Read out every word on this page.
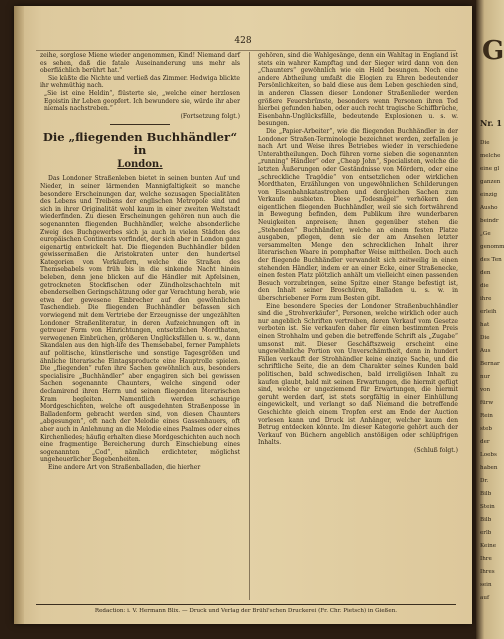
428

zeihe, sorglose Miene wieder angenommen, Kind! Niemand darf es sehen, daß die fatale Auseinanderung uns mehr als oberflächlich berührt hat."

Sie küßte die Nichte und verließ das Zimmer. Hedwiga blickte ihr wehmüthig nach.

„Sie ist eine Heldin“, flüsterte sie, „welche einer herzlosen Egoistin ihr Leben geopfert. Ich bewundere sie, würde ihr aber niemals nachstreben.“

(Fortsetzung folgt.)

Die „fliegenden Buchhändler“ in
London.

Das Londoner Straßenleben bietet in seinen bunten Auf und Nieder, in seiner lärmenden Mannigfaltigkeit so manche besondere Erscheinungen dar, welche sozusagen Specialitäten des Lebens und Treibens der englischen Metropole sind und sich in ihrer Originalität wohl kaum in einer zweiten Weltstadt wiederfinden. Zu diesen Erscheinungen gehören nun auch die sogenannten fliegenden Buchhändler, welche absonderliche Zweig des Buchgewerbes sich ja auch in vielen Städten des europäischen Continents vorfindet, der sich aber in London ganz eigenartig entwickelt hat. Die fliegenden Buchhändler bilden gewissermaßen die Aristokraten unter den hundertsel Kategorien von Verkäufern, welche die Straßen des Themsebabels vom früh bis in die sinkende Nacht hinein beleben, denn jene blicken auf die Händler mit Apfelsinen, getrockneten Stockfischen oder Zündholzschachteln mit ebenderselben Geringschätzung oder gar Verachtung herab, wie etwa der gewesene Einbrecher auf den gewöhnlichen Taschendieb. Die fliegenden Buchhändler befassen sich vorwiegend mit dem Vertriebe der Erzeugnisse der ungezählten Londoner Straßenliteratur, in deren Aufzeichnungen oft in getreuer Form von Hinrichtungen, entsetzlichen Mordthaten, verwegenen Einbrüchen, größeren Unglücksfällen u. s. w., dann Skandalen aus den high-life des Themsebabel, ferner Pamphlets auf politische, künstlerische und sonstige Tagesgrößen und ähnliche literarische Eintagsproducte eine Hauptrolle spielen. Die „fliegenden“ rufen ihre Sachen gewöhnlich aus, besonders specialisire „Buchhändler“ aber engagiren sich bei gewissen Sachen sogenannte Chaunters, welche singend oder declamirend ihren Herrn und seinen fliegenden literarischen Kram begleiten. Namentlich werden schaurige Mordgeschichten, welche oft ausgedehnten Straßenposse in Balladenform gebracht werden sind, von diesen Chaunters „abgesungen“, oft nach der Melodie eines Gassenhauers, oft aber auch in Anlehnung an die Melodie eines Psalmes oder eines Kirchenliedes; häufig erhalten diese Mordgeschichten auch noch eine fragmentige Bereicherung durch Einschiebung eines sogenannten „Cod“, nämlich erdichteter, möglichst ungeheuerlicher Begebenheiten.

Eine andere Art von Straßenballaden, die hierher

gehören, sind die Wahlgesänge, denn ein Wahltag in England ist stets ein wahrer Kampftag und der Sieger wird dann von den „Chaunters“ gewöhnlich wie ein Held besungen. Noch eine andere Abtheilung umfaßt die Elogien zu Ehren bedeutender Persönlichkeiten, so bald diese aus dem Leben geschieden sind, in anderen Classen dieser Londoner Straßenlieder werden größere Feuersbrünste, besonders wenn Personen ihren Tod hierbei gefunden haben, oder auch recht tragische Schiffbrüche, Eisenbahn-Unglücksfälle, bedeutende Explosionen u. s. w. besungen.

Die „Papier-Arbeiter“, wie die fliegenden Buchhändler in der Londoner Straßen-Terminologie bezeichnet werden, zerfallen je nach Art und Weise ihres Betriebes wieder in verschiedene Unterabtheilungen. Doch führen vorne sieben die sogenannten „running“ Händler“ oder „Cheap John“, Specialisten, welche die letzten Äußerungen oder Geständnisse von Mördern, oder eine „schreckliche Tragödie“ von entsetzlichen oder wirklichen Mordthaten, Erzählungen von ungewöhnlichen Schilderungen von Eisenbahnkatastrophen und dergleichen Sachen zum Verkaufe ausbieten. Diese „Todesnägel“ verhökern den eigentlichen fliegenden Buchhändler, weil sie sich fortwährend in Bewegung befinden, dem Publikum ihre wunderbaren Neuigkeiten anpreisen; ihnen gegenüber stehen die „Stehenden“ Buchhändler, welche an einem festen Platze ausgaben, pflegen, denn sie der am Ansehen letzter versammelten Menge den schrecklichen Inhalt ihrer literarischen Waare in pomphafter Weise mittheilen. Doch auch der fliegende Buchhändler verwandelt sich zeitweilig in einen stehenden Händler, indem er an einer Ecke, einer Straßenecke, einen festen Platz plötzlich anhält um vielleicht einen passenden Besuch vorzubringen, seine Spitze einer Stange befestigt ist, den Inhalt seiner Broschüren, Balladen u. s. w. in überschriebener Form zum Besten gibt.

Eine besondere Species der Londoner Straßenbuchhändler sind die „Strohverkäufer“, Personen, welche wirklich oder auch nur angeblich Schriften vertreiben, deren Verkauf vom Gesetze verboten ist. Sie verkaufen daher für einen bestimmten Preis einen Strohhalm und geben die betreffende Schrift als „Zugabe“ umsonst mit. Dieser Geschäftszweig erscheint eine ungewöhnliche Portion von Unverschämtheit, denn in hundert Fällen verkauft der Strohhändler keine einzige Sache, und die schriftliche Seite, die an dem Charakter seines Kunden bald politischen, bald schwedischen, bald irreligiösen Inhalt zu kaufen glaubt, bald mit seinen Erwartungen, die hiermit gefügt sind, welche er ungeziemend für Erwartungen, die hiermit geruht werden darf, ist stets sorgfältig in einer Einhüllung eingewickelt, und verlangt so daß Niemand die betreffende Geschichte gleich einem Tropfen erst am Ende der Auction vorlesen kann und Druck ist Anhänger, welcher kaum den Betrug entdecken könnte. Im dieser Kategorie gehört auch der Verkauf von Büchern angeblich anstößigen oder schlüpfrigen Inhalts.

(Schluß folgt.)

Redaction: i. V. Hermann Blix. — Druck und Verlag der Brühl'schen Druckerei (Fr. Chr. Pietsch) in Gießen.
G
Nr. 1
Die
melche
eine gl
ganzen
einzig
Ausho
beindr
„Ge
genomm
des Ten
den
die
ihre
erleih
hat
Die
Aus
Bernar
nur
von
fürw
Rein
steb
der
Loebs
haben
Dr.
Bilb
Stein
Bilb
erlb
Keine
Ihre
Ihres
sein
auf
